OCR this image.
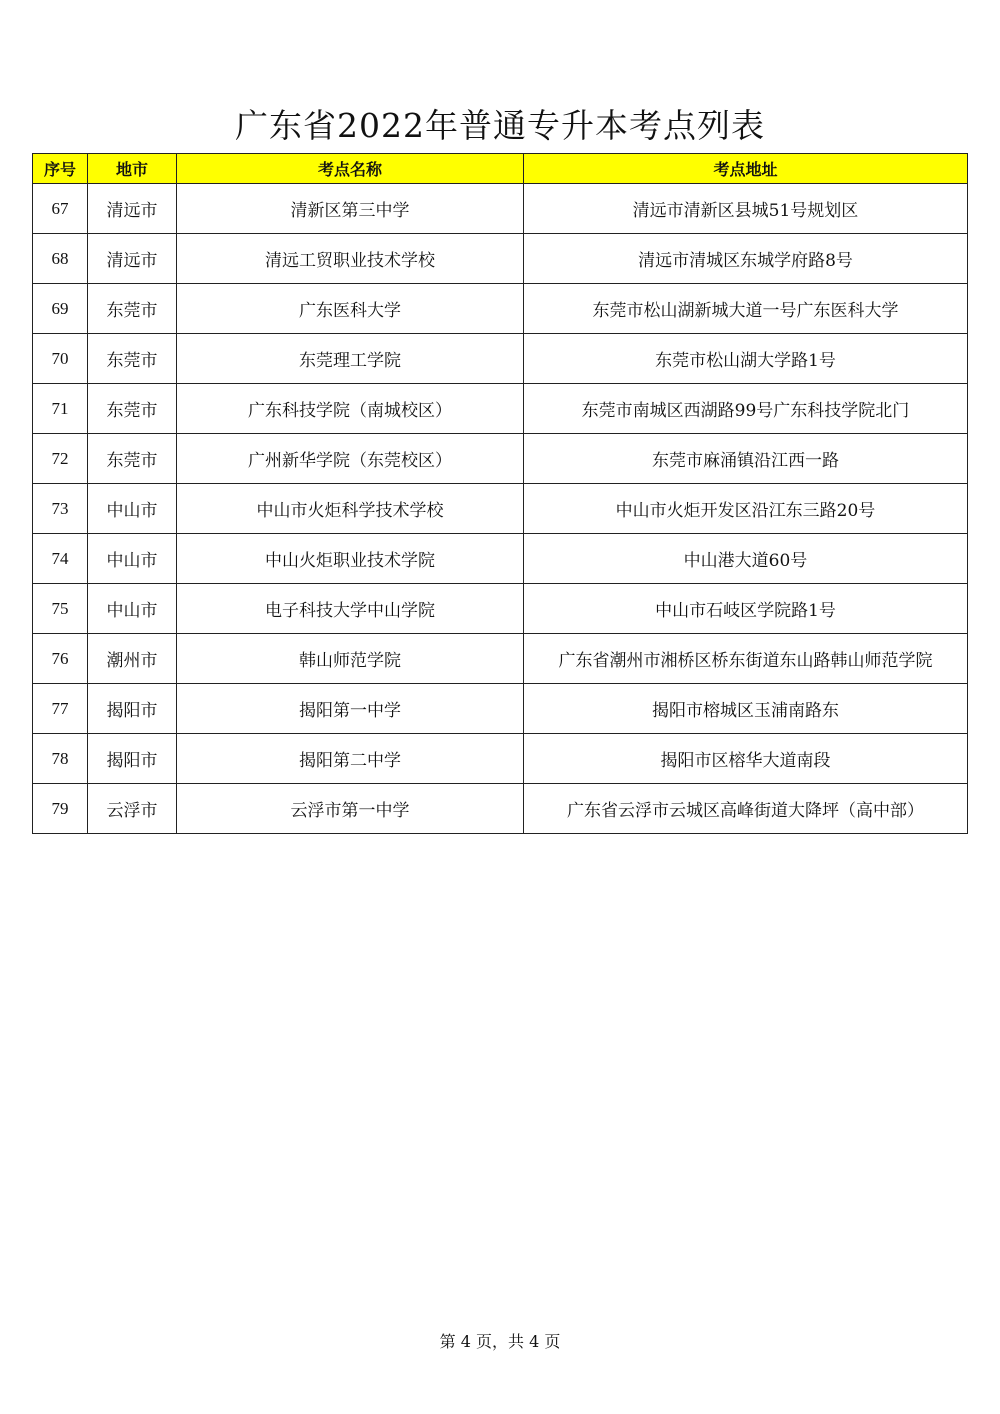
广东省2022年普通专升本考点列表
序号	地市	考点名称	考点地址
67	清远市	清新区第三中学	清远市清新区县城51号规划区
68	清远市	清远工贸职业技术学校	清远市清城区东城学府路8号
69	东莞市	广东医科大学	东莞市松山湖新城大道一号广东医科大学
70	东莞市	东莞理工学院	东莞市松山湖大学路1号
71	东莞市	广东科技学院（南城校区）	东莞市南城区西湖路99号广东科技学院北门
72	东莞市	广州新华学院（东莞校区）	东莞市麻涌镇沿江西一路
73	中山市	中山市火炬科学技术学校	中山市火炬开发区沿江东三路20号
74	中山市	中山火炬职业技术学院	中山港大道60号
75	中山市	电子科技大学中山学院	中山市石岐区学院路1号
76	潮州市	韩山师范学院	广东省潮州市湘桥区桥东街道东山路韩山师范学院
77	揭阳市	揭阳第一中学	揭阳市榕城区玉浦南路东
78	揭阳市	揭阳第二中学	揭阳市区榕华大道南段
79	云浮市	云浮市第一中学	广东省云浮市云城区高峰街道大降坪（高中部）
第 4 页，共 4 页
